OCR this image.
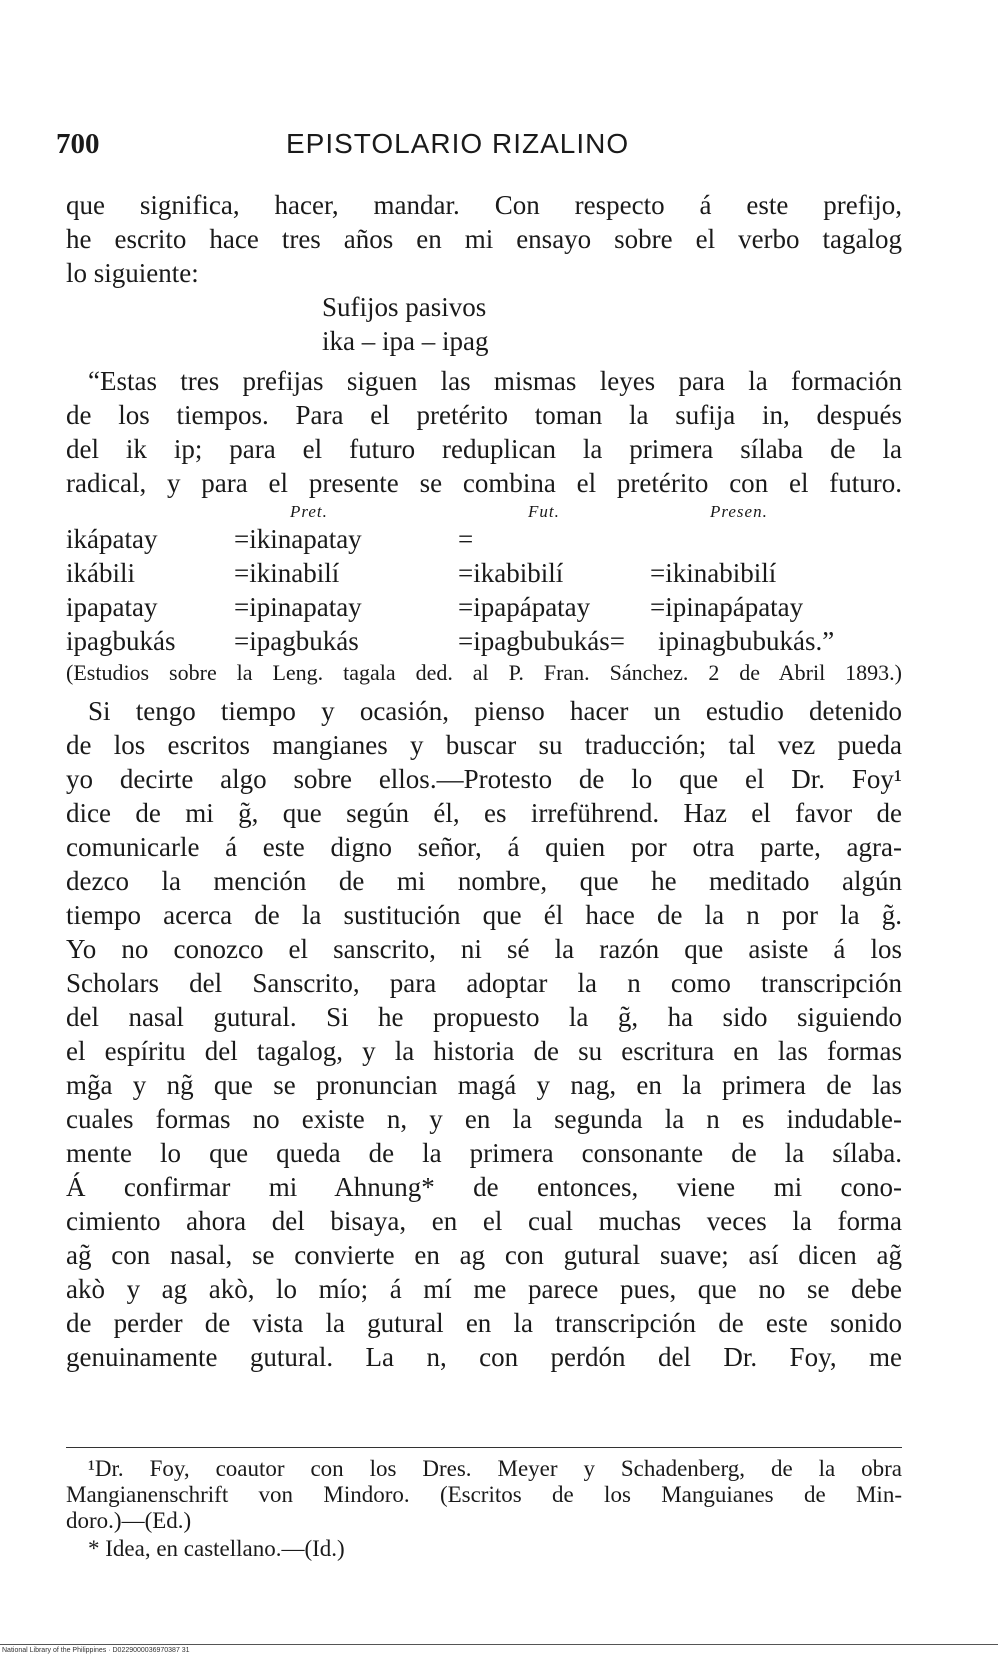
700	EPISTOLARIO RIZALINO
que significa, hacer, mandar. Con respecto á este prefijo,
he escrito hace tres años en mi ensayo sobre el verbo tagalog
lo siguiente:
Sufijos pasivos
ika – ipa – ipag
“Estas tres prefijas siguen las mismas leyes para la formación
de los tiempos. Para el pretérito toman la sufija in, después
del ik ip; para el futuro reduplican la primera sílaba de la
radical, y para el presente se combina el pretérito con el futuro.
Pret.	Fut.	Presen.
ikápatay	=ikinapatay	=
ikábili	=ikinabilí	=ikabibilí	=ikinabibilí
ipapatay	=ipinapatay	=ipapápatay =ipinapápatay
ipagbukás =ipagbukás	=ipagbubukás= ipinagbubukás.”
(Estudios sobre la Leng. tagala ded. al P. Fran. Sánchez. 2 de Abril 1893.)
Si tengo tiempo y ocasión, pienso hacer un estudio detenido
de los escritos mangianes y buscar su traducción; tal vez pueda
yo decirte algo sobre ellos.—Protesto de lo que el Dr. Foy¹
dice de mi g̃, que según él, es irreführend. Haz el favor de
comunicarle á este digno señor, á quien por otra parte, agra-
dezco la mención de mi nombre, que he meditado algún
tiempo acerca de la sustitución que él hace de la n por la g̃.
Yo no conozco el sanscrito, ni sé la razón que asiste á los
Scholars del Sanscrito, para adoptar la n como transcripción
del nasal gutural. Si he propuesto la g̃, ha sido siguiendo
el espíritu del tagalog, y la historia de su escritura en las formas
mg̃a y ng̃ que se pronuncian magá y nag, en la primera de las
cuales formas no existe n, y en la segunda la n es indudable-
mente lo que queda de la primera consonante de la sílaba.
Á confirmar mi Ahnung* de entonces, viene mi cono-
cimiento ahora del bisaya, en el cual muchas veces la forma
ag̃ con nasal, se convierte en ag con gutural suave; así dicen ag̃
akò y ag akò, lo mío; á mí me parece pues, que no se debe
de perder de vista la gutural en la transcripción de este sonido
genuinamente gutural. La n, con perdón del Dr. Foy, me
¹Dr. Foy, coautor con los Dres. Meyer y Schadenberg, de la obra
Mangianenschrift von Mindoro. (Escritos de los Manguianes de Min-
doro.)—(Ed.)
* Idea, en castellano.—(Id.)
National Library of the Philippines · D0229000036970387 31
